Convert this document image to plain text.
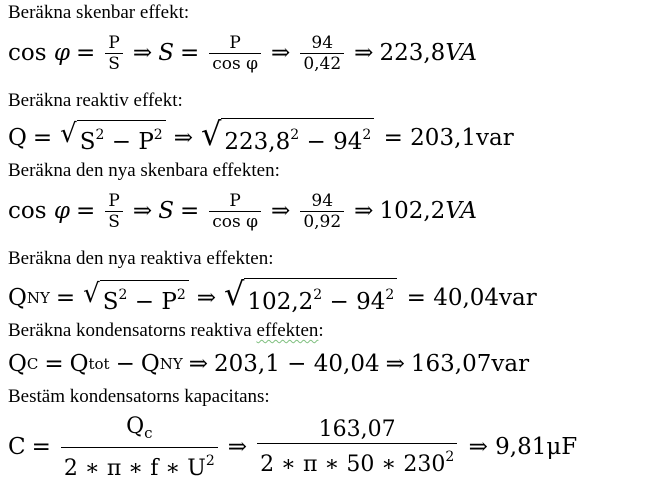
Beräkna skenbar effekt:
cos
$\varphi = \frac{P}{S}$ ⇒ $S = \frac{P}{\text{cos φ}}$ ⇒ $\frac{94}{0,42}$ ⇒ 223,8 VA
Beräkna reaktiv effekt:
Q = √ $S^2 - P^2$ ⇒ √ $223,8^2 - 94^2$
= 203,1var
Beräkna den nya skenbara effekten:
cos
$\varphi = \frac{P}{S}$ ⇒ $S = \frac{P}{\text{cos φ}}$ ⇒ $\frac{94}{0,92}$ ⇒ 102,2 VA
Beräkna den nya reaktiva effekten:
Q NY = √ $S^2 - P^2$ ⇒ √ $102,2^2 - 94^2$
= 40,04var
Beräkna kondensatorns reaktiva effekten:
Q C = Q tot − Q NY ⇒ 203,1 − 40,04 ⇒ 163,07var
Bestäm kondensatorns kapacitans:
$C = \frac{Q_c}{2 ∗ \pi ∗ f ∗ U^2}$ ⇒ $\frac{163,07}{2 ∗ \pi ∗ 50 ∗ 230^2}$
⇒ 9,81μF
